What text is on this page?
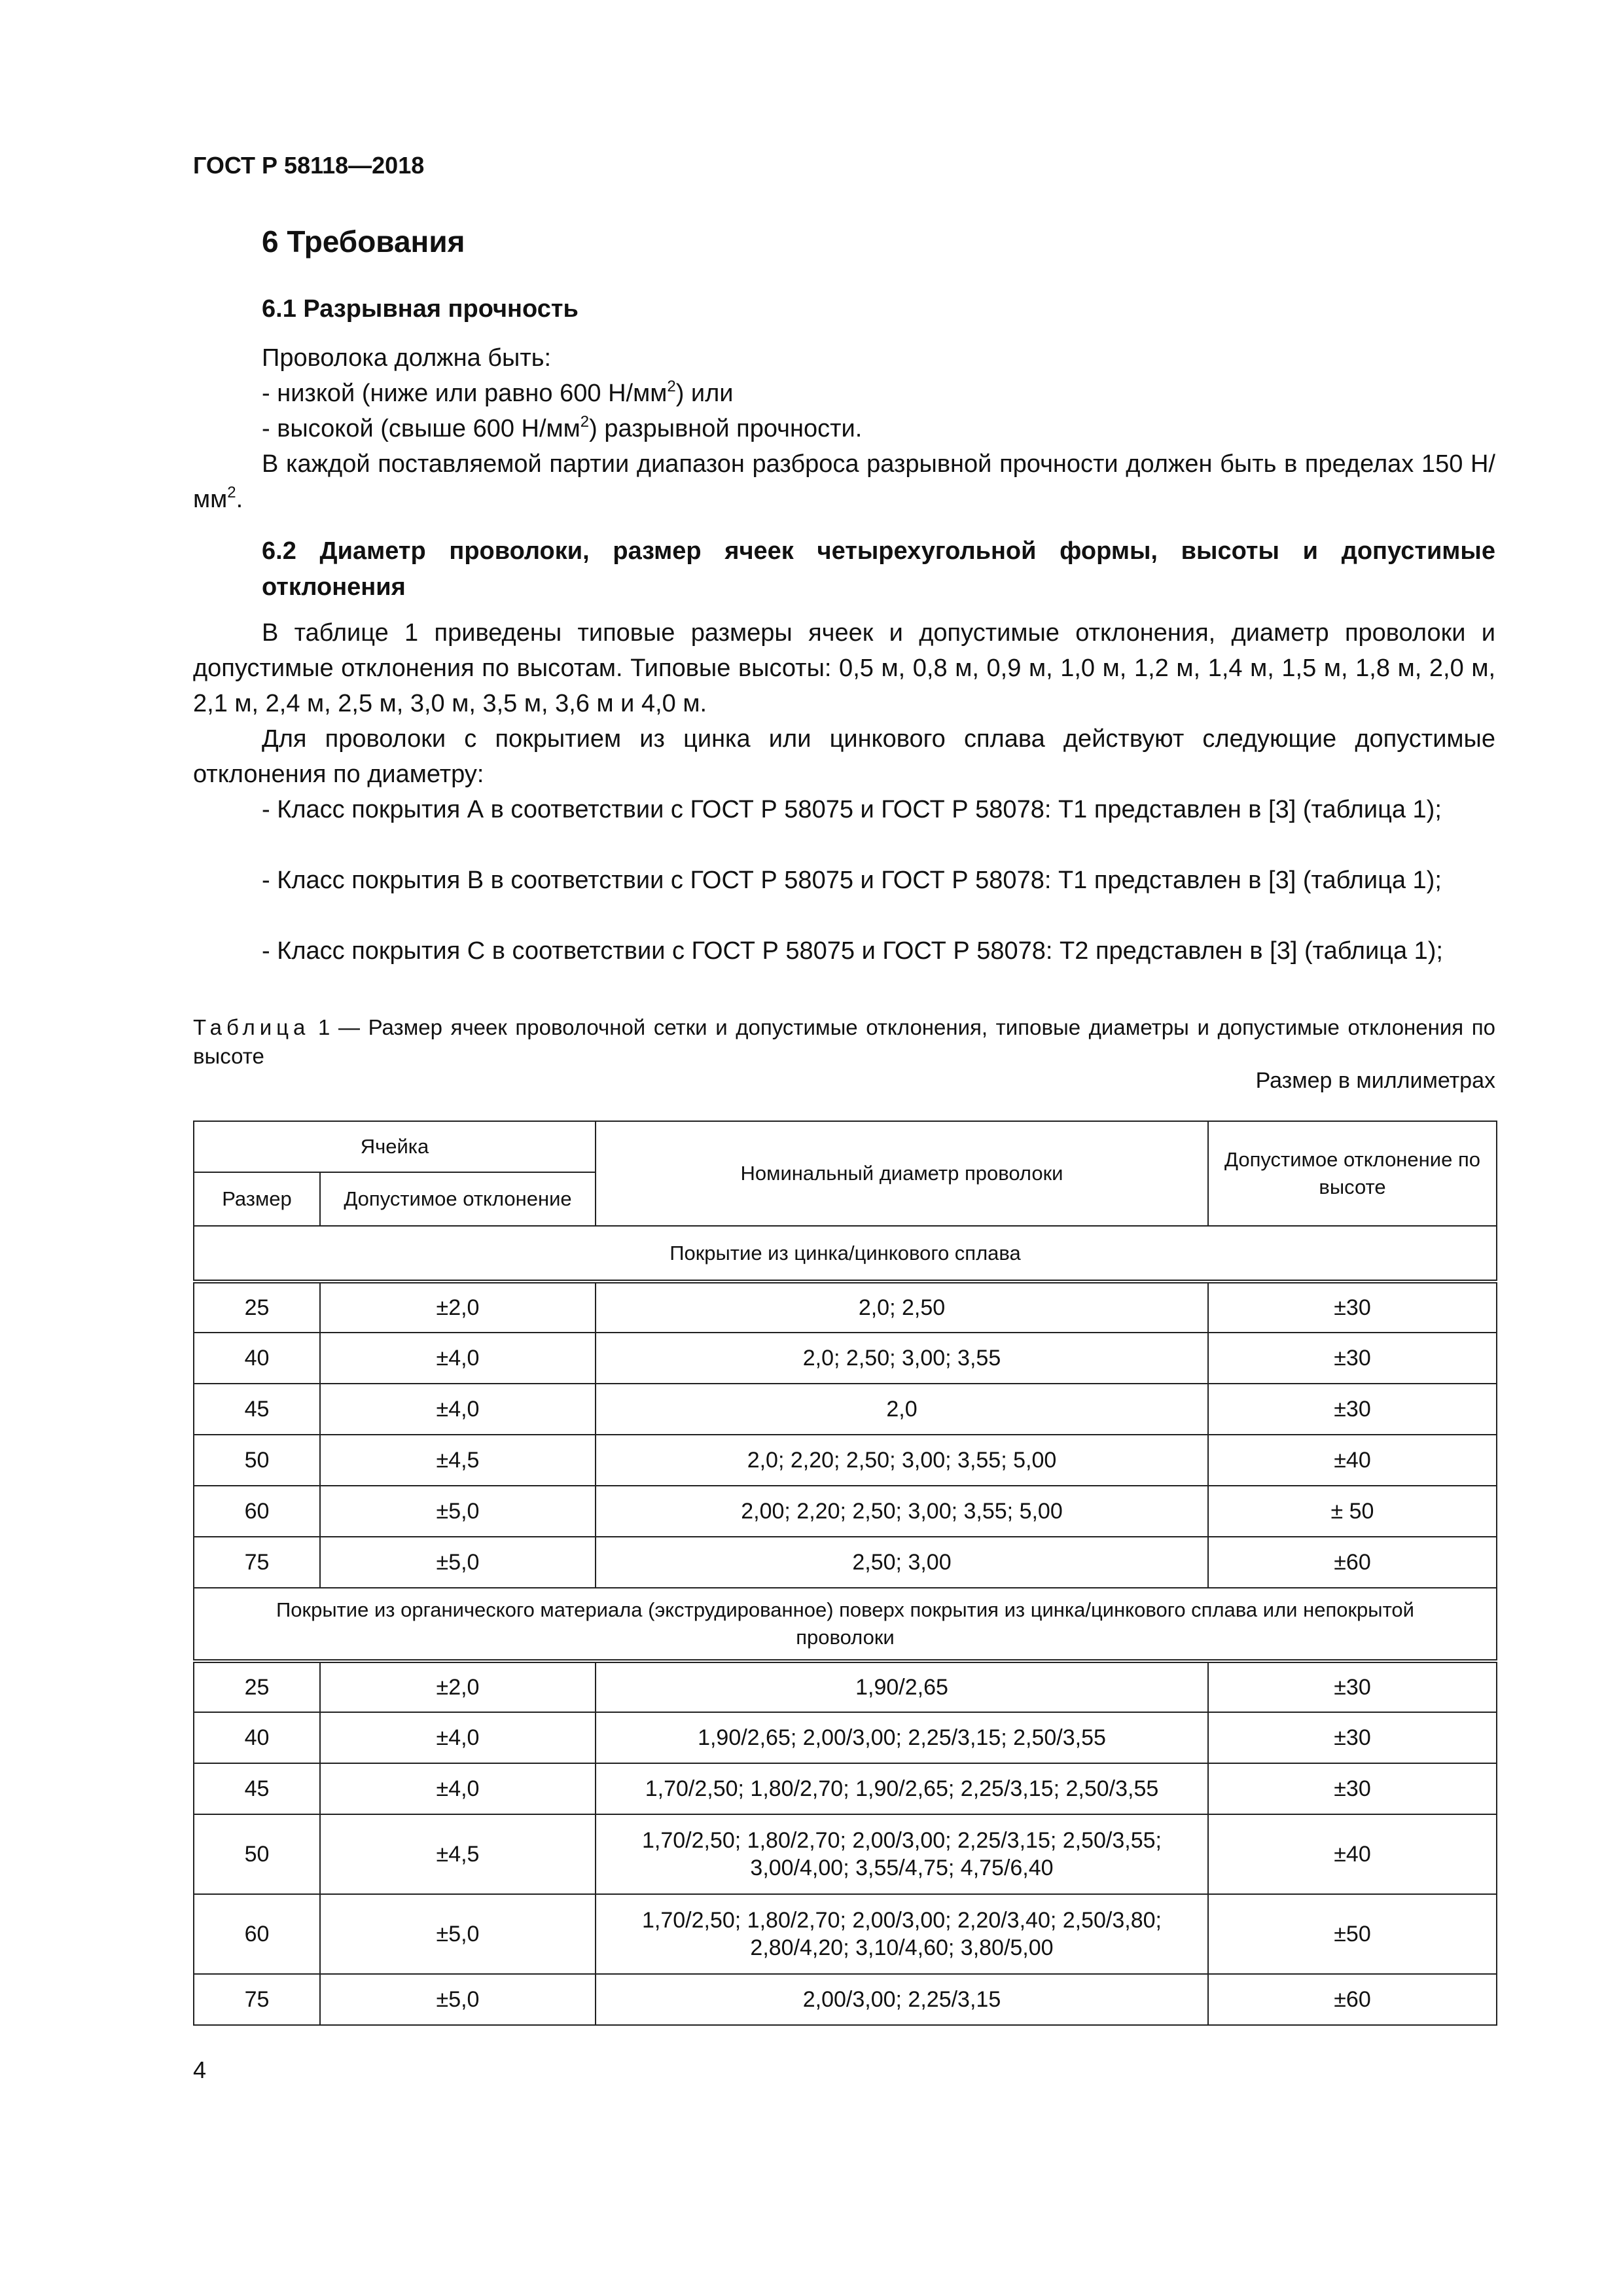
ГОСТ Р 58118—2018
6 Требования
6.1 Разрывная прочность
Проволока должна быть:
- низкой (ниже или равно 600 $Н/мм^2$) или
- высокой (свыше 600 $Н/мм^2$) разрывной прочности.
В каждой поставляемой партии диапазон разброса разрывной прочности должен быть в пределах 150 $Н/мм^2$.
6.2 Диаметр проволоки, размер ячеек четырехугольной формы, высоты и допустимые отклонения
В таблице 1 приведены типовые размеры ячеек и допустимые отклонения, диаметр проволоки и допустимые отклонения по высотам. Типовые высоты: 0,5 м, 0,8 м, 0,9 м, 1,0 м, 1,2 м, 1,4 м, 1,5 м, 1,8 м, 2,0 м, 2,1 м, 2,4 м, 2,5 м, 3,0 м, 3,5 м, 3,6 м и 4,0 м.
Для проволоки с покрытием из цинка или цинкового сплава действуют следующие допустимые отклонения по диаметру:
- Класс покрытия А в соответствии с ГОСТ Р 58075 и ГОСТ Р 58078: Т1 представлен в [3] (таблица 1);
- Класс покрытия В в соответствии с ГОСТ Р 58075 и ГОСТ Р 58078: Т1 представлен в [3] (таблица 1);
- Класс покрытия С в соответствии с ГОСТ Р 58075 и ГОСТ Р 58078: Т2 представлен в [3] (таблица 1);
Таблица 1 — Размер ячеек проволочной сетки и допустимые отклонения, типовые диаметры и допустимые отклонения по высоте
Размер в миллиметрах
Ячейка		Номинальный диаметр проволоки	Допустимое отклонение по высоте
Размер	Допустимое отклонение		
Покрытие из цинка/цинкового сплава			
25	±2,0	2,0; 2,50	±30
40	±4,0	2,0; 2,50; 3,00; 3,55	±30
45	±4,0	2,0	±30
50	±4,5	2,0; 2,20; 2,50; 3,00; 3,55; 5,00	±40
60	±5,0	2,00; 2,20; 2,50; 3,00; 3,55; 5,00	± 50
75	±5,0	2,50; 3,00	±60
Покрытие из органического материала (экструдированное) поверх покрытия из цинка/цинкового сплава или непокрытой проволоки			
25	±2,0	1,90/2,65	±30
40	±4,0	1,90/2,65; 2,00/3,00; 2,25/3,15; 2,50/3,55	±30
45	±4,0	1,70/2,50; 1,80/2,70; 1,90/2,65; 2,25/3,15; 2,50/3,55	±30
50	±4,5	1,70/2,50; 1,80/2,70; 2,00/3,00; 2,25/3,15; 2,50/3,55; 3,00/4,00; 3,55/4,75; 4,75/6,40	±40
60	±5,0	1,70/2,50; 1,80/2,70; 2,00/3,00; 2,20/3,40; 2,50/3,80; 2,80/4,20; 3,10/4,60; 3,80/5,00	±50
75	±5,0	2,00/3,00; 2,25/3,15	±60
4
